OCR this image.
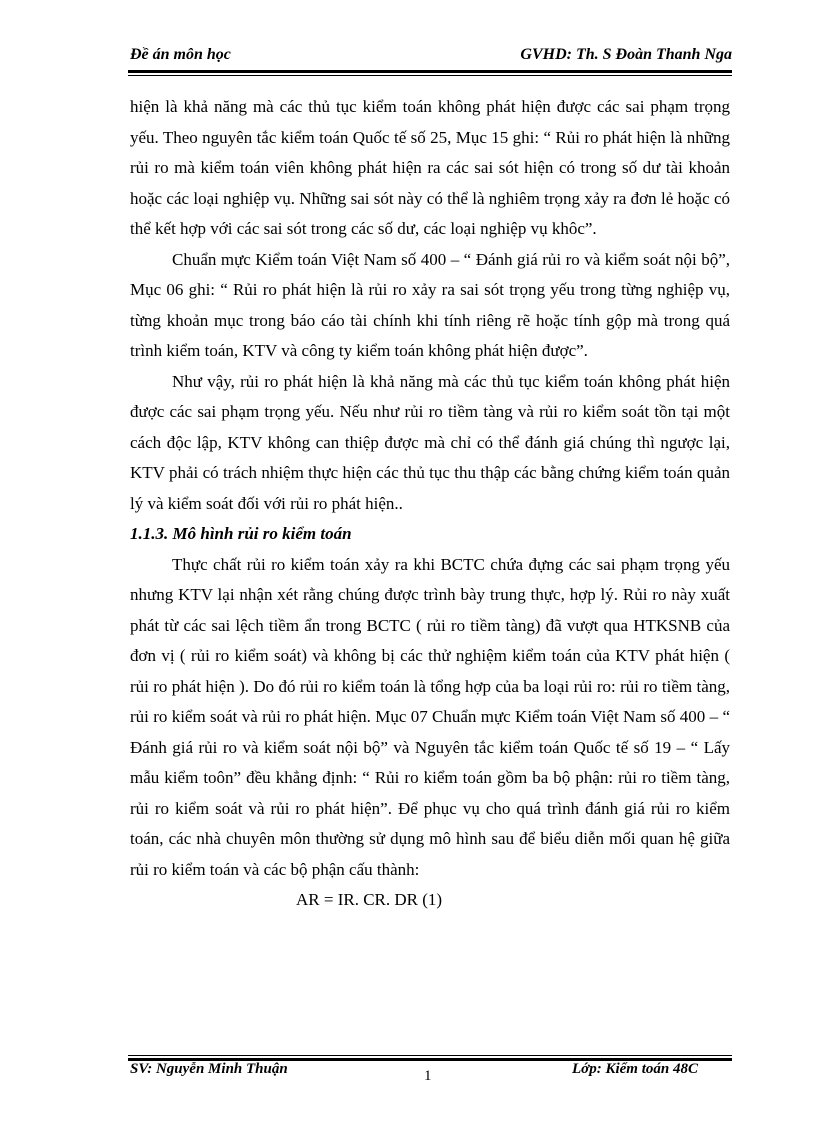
Đề án môn học	GVHD: Th. S Đoàn Thanh Nga

hiện là khả năng mà các thủ tục kiểm toán không phát hiện được các sai phạm trọng yếu. Theo nguyên tắc kiểm toán Quốc tế số 25, Mục 15 ghi: “ Rủi ro phát hiện là những rủi ro mà kiểm toán viên không phát hiện ra các sai sót hiện có trong số dư tài khoản hoặc các loại nghiệp vụ. Những sai sót này có thể là nghiêm trọng xảy ra đơn lẻ hoặc có thể kết hợp với các sai sót trong các số dư, các loại nghiệp vụ khôc”.

Chuẩn mực Kiểm toán Việt Nam số 400 – “ Đánh giá rủi ro và kiểm soát nội bộ”, Mục 06 ghi: “ Rủi ro phát hiện là rủi ro xảy ra sai sót trọng yếu trong từng nghiệp vụ, từng khoản mục trong báo cáo tài chính khi tính riêng rẽ hoặc tính gộp mà trong quá trình kiểm toán, KTV và công ty kiểm toán không phát hiện được”.

Như vậy, rủi ro phát hiện là khả năng mà các thủ tục kiểm toán không phát hiện được các sai phạm trọng yếu. Nếu như rủi ro tiềm tàng và rủi ro kiểm soát tồn tại một cách độc lập, KTV không can thiệp được mà chỉ có thể đánh giá chúng thì ngược lại, KTV phải có trách nhiệm thực hiện các thủ tục thu thập các bằng chứng kiểm toán quản lý và kiểm soát đối với rủi ro phát hiện..

1.1.3. Mô hình rủi ro kiểm toán

Thực chất rủi ro kiểm toán xảy ra khi BCTC chứa đựng các sai phạm trọng yếu nhưng KTV lại nhận xét rằng chúng được trình bày trung thực, hợp lý. Rủi ro này xuất phát từ các sai lệch tiềm ẩn trong BCTC ( rủi ro tiềm tàng) đã vượt qua HTKSNB của đơn vị ( rủi ro kiểm soát) và không bị các thử nghiệm kiểm toán của KTV phát hiện ( rủi ro phát hiện ). Do đó rủi ro kiểm toán là tổng hợp của ba loại rủi ro: rủi ro tiềm tàng, rủi ro kiểm soát và rủi ro phát hiện. Mục 07 Chuẩn mực Kiểm toán Việt Nam số 400 – “ Đánh giá rủi ro và kiểm soát nội bộ” và Nguyên tắc kiểm toán Quốc tế số 19 – “ Lấy mẫu kiểm toôn” đều khẳng định: “ Rủi ro kiểm toán gồm ba bộ phận: rủi ro tiềm tàng, rủi ro kiểm soát và rủi ro phát hiện”. Để phục vụ cho quá trình đánh giá rủi ro kiểm toán, các nhà chuyên môn thường sử dụng mô hình sau để biểu diễn mối quan hệ giữa rủi ro kiểm toán và các bộ phận cấu thành:

AR = IR. CR. DR (1)

SV: Nguyễn Minh Thuận	1	Lớp: Kiểm toán 48C
